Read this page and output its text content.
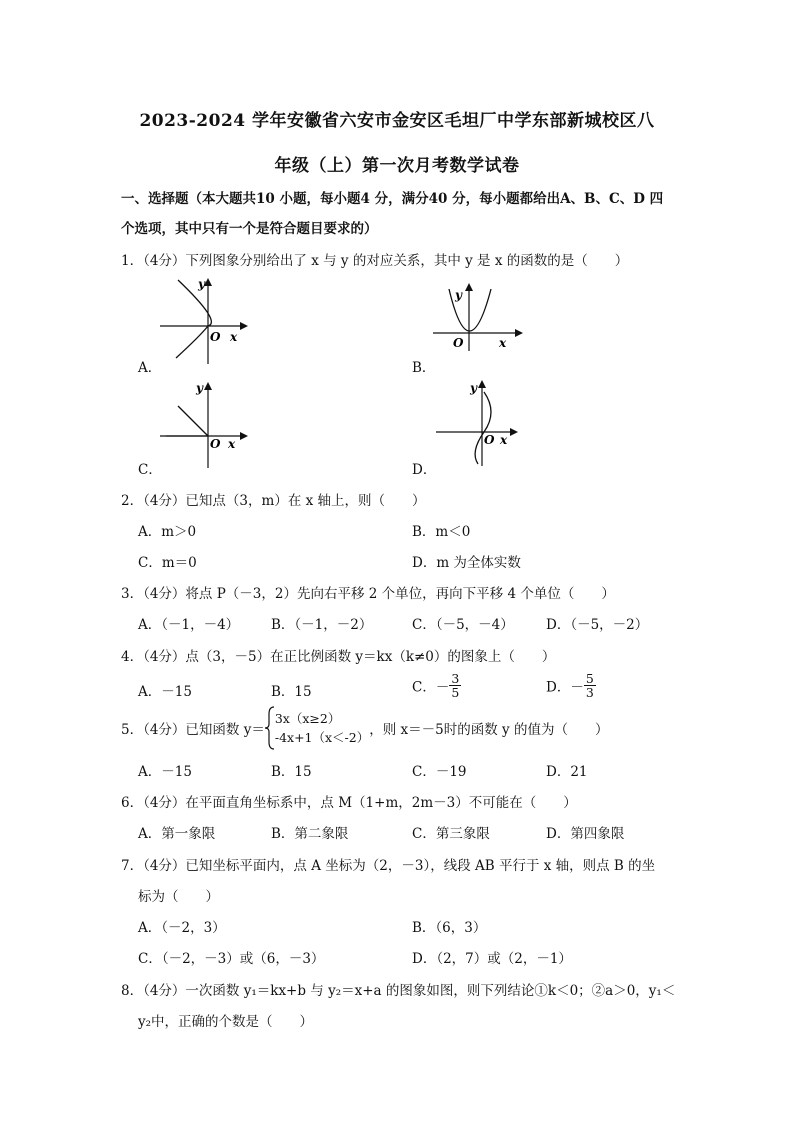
2023-2024 学年安徽省六安市金安区毛坦厂中学东部新城校区八
年级（上）第一次月考数学试卷
一、选择题（本大题共10 小题，每小题4 分，满分40 分，每小题都给出A、B、C、D 四
个选项，其中只有一个是符合题目要求的）
1．（4分）下列图象分别给出了 x 与 y 的对应关系，其中 y 是 x 的函数的是（　　）
A．
y
O x
B．
y
O	x
C．
y
O x
D．
y
O x
2．（4分）已知点（3，m）在 x 轴上，则（　　）
A．m＞0	B．m＜0
C．m＝0	D．m 为全体实数
3．（4分）将点 P（－3，2）先向右平移 2 个单位，再向下平移 4 个单位（　　）
A．（－1，－4） B．（－1，－2）	C．（－5，－4） D．（－5，－2）
4．（4分）点（3，－5）在正比例函数 y＝kx（k≠0）的图象上（　　）
A．－15	B．15	C．－ $\frac{3}{5}$	D．－ $\frac{5}{3}$
5．（4分）已知函数 y＝
3x（x≥2）
-4x+1（x＜-2） ，则 x＝－5时的函数 y 的值为（　　）
A．－15	B．15	C．－19	D．21
6．（4分）在平面直角坐标系中，点 M（1+m，2m－3）不可能在（　　）
A．第一象限	B．第二象限	C．第三象限	D．第四象限
7．（4分）已知坐标平面内，点 A 坐标为（2，－3），线段 AB 平行于 x 轴，则点 B 的坐
标为（　　）
A．（－2，3）	B．（6，3）
C．（－2，－3）或（6，－3）	D．（2，7）或（2，－1）
8．（4分）一次函数 y₁＝kx+b 与 y₂＝x+a 的图象如图，则下列结论①k＜0；②a＞0，y₁＜
y₂中，正确的个数是（　　）
